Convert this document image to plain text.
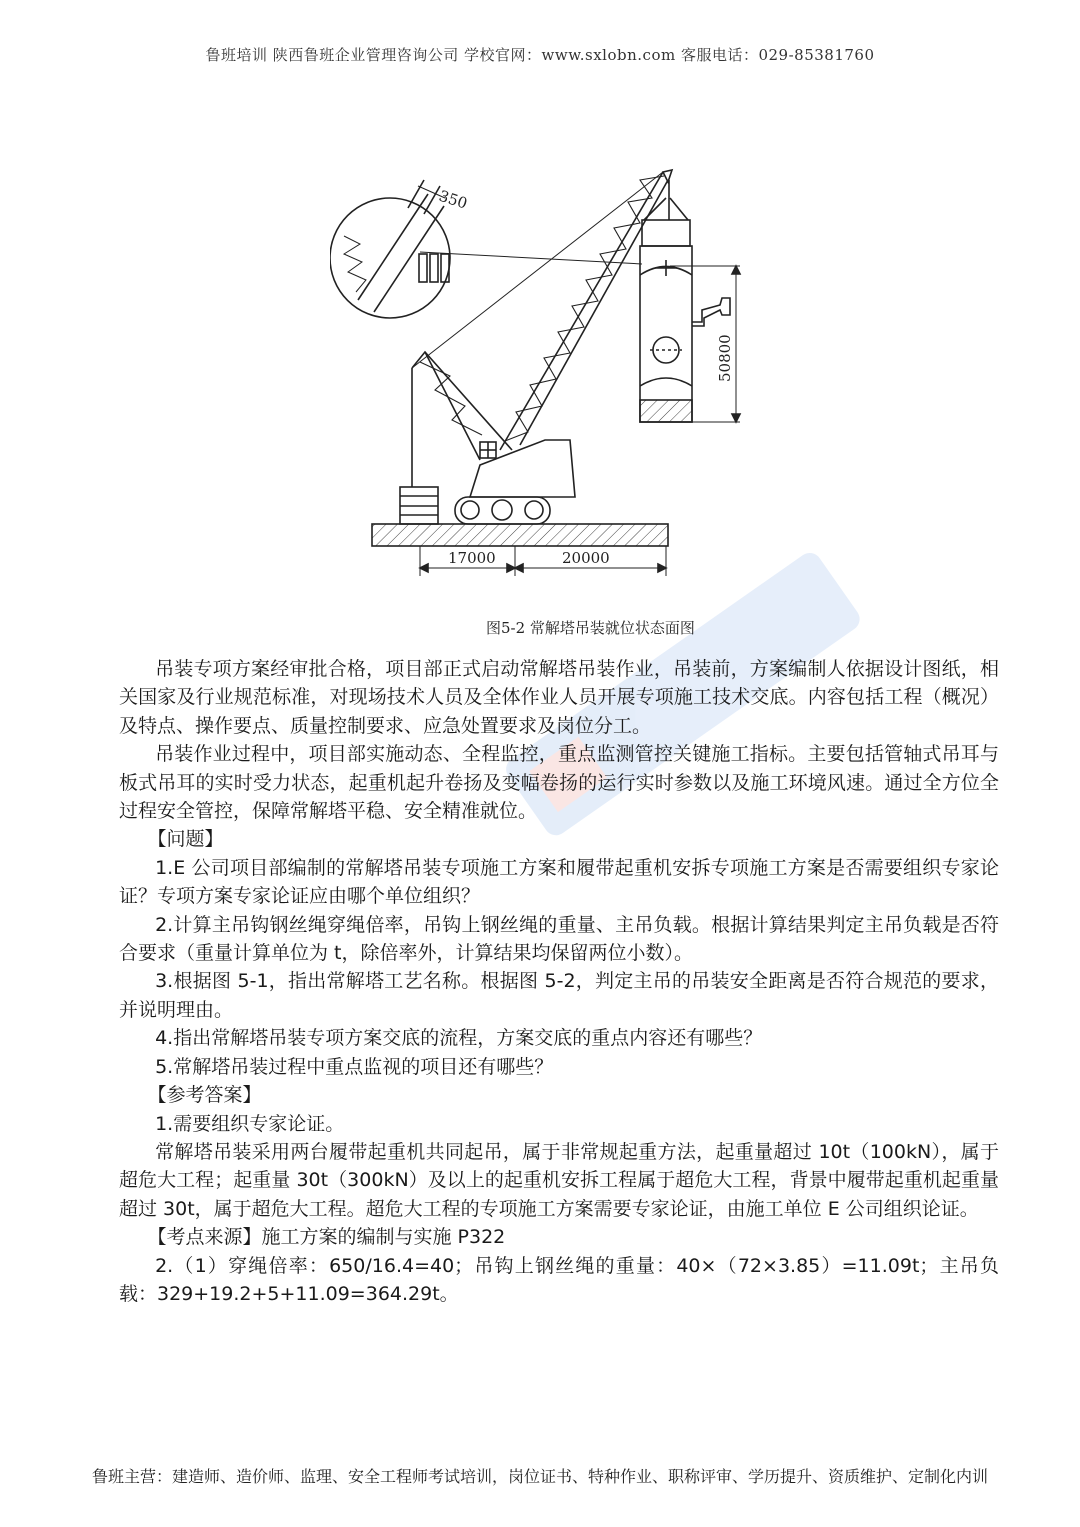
鲁班培训 陕西鲁班企业管理咨询公司 学校官网：www.sxlobn.com 客服电话：029-85381760
350
50800
17000	20000
图5-2 常解塔吊装就位状态面图

吊装专项方案经审批合格，项目部正式启动常解塔吊装作业，吊装前，方案编制人依据设计图纸，相关国家及行业规范标准，对现场技术人员及全体作业人员开展专项施工技术交底。内容包括工程（概况）及特点、操作要点、质量控制要求、应急处置要求及岗位分工。

吊装作业过程中，项目部实施动态、全程监控，重点监测管控关键施工指标。主要包括管轴式吊耳与板式吊耳的实时受力状态，起重机起升卷扬及变幅卷扬的运行实时参数以及施工环境风速。通过全方位全过程安全管控，保障常解塔平稳、安全精准就位。

【问题】

1.E 公司项目部编制的常解塔吊装专项施工方案和履带起重机安拆专项施工方案是否需要组织专家论证？专项方案专家论证应由哪个单位组织？

2.计算主吊钩钢丝绳穿绳倍率，吊钩上钢丝绳的重量、主吊负载。根据计算结果判定主吊负载是否符合要求（重量计算单位为 t，除倍率外，计算结果均保留两位小数）。

3.根据图 5-1，指出常解塔工艺名称。根据图 5-2，判定主吊的吊装安全距离是否符合规范的要求，并说明理由。

4.指出常解塔吊装专项方案交底的流程，方案交底的重点内容还有哪些？

5.常解塔吊装过程中重点监视的项目还有哪些？

【参考答案】

1.需要组织专家论证。

常解塔吊装采用两台履带起重机共同起吊，属于非常规起重方法，起重量超过 10t（100kN），属于超危大工程；起重量 30t（300kN）及以上的起重机安拆工程属于超危大工程，背景中履带起重机起重量超过 30t，属于超危大工程。超危大工程的专项施工方案需要专家论证，由施工单位 E 公司组织论证。

【考点来源】施工方案的编制与实施 P322

2.（1）穿绳倍率：650/16.4=40；吊钩上钢丝绳的重量：40×（72×3.85）=11.09t；主吊负载：329+19.2+5+11.09=364.29t。

鲁班主营：建造师、造价师、监理、安全工程师考试培训，岗位证书、特种作业、职称评审、学历提升、资质维护、定制化内训
